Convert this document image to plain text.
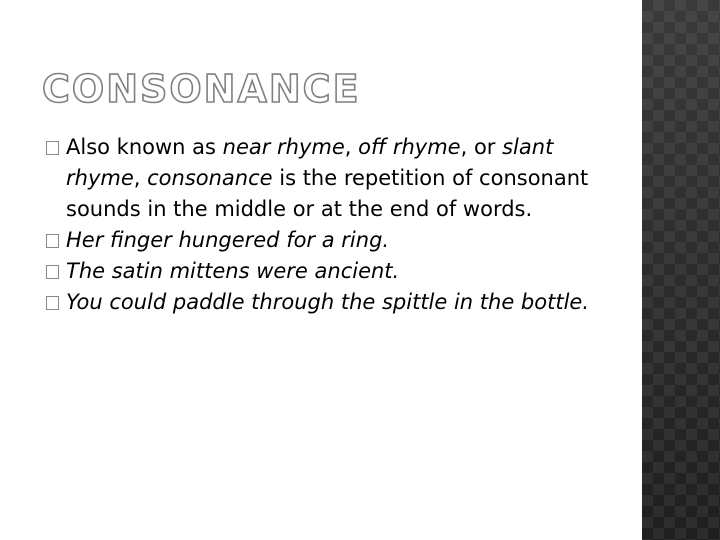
CONSONANCE

Also known as near rhyme, off rhyme, or slant rhyme, consonance is the repetition of consonant sounds in the middle or at the end of words.

Her finger hungered for a ring.

The satin mittens were ancient.

You could paddle through the spittle in the bottle.
